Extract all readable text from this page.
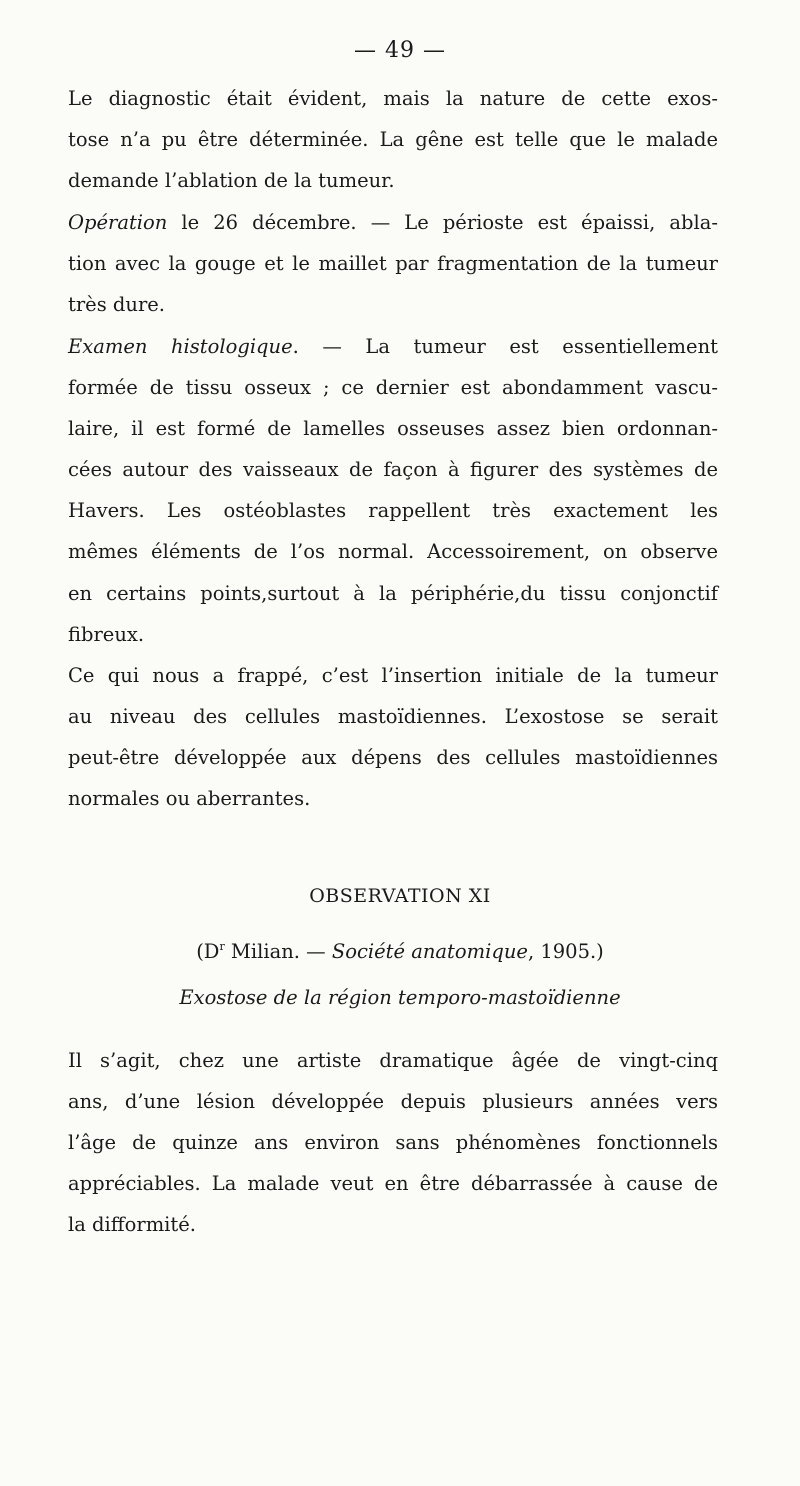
— 49 —
Le diagnostic était évident, mais la nature de cette exos-
tose n’a pu être déterminée. La gêne est telle que le malade
demande l’ablation de la tumeur.
Opération le 26 décembre. — Le périoste est épaissi, abla-
tion avec la gouge et le maillet par fragmentation de la tumeur
très dure.
Examen histologique. — La tumeur est essentiellement
formée de tissu osseux ; ce dernier est abondamment vascu-
laire, il est formé de lamelles osseuses assez bien ordonnan-
cées autour des vaisseaux de façon à figurer des systèmes de
Havers. Les ostéoblastes rappellent très exactement les
mêmes éléments de l’os normal. Accessoirement, on observe
en certains points,surtout à la périphérie,du tissu conjonctif
fibreux.
Ce qui nous a frappé, c’est l’insertion initiale de la tumeur
au niveau des cellules mastoïdiennes. L’exostose se serait
peut-être développée aux dépens des cellules mastoïdiennes
normales ou aberrantes.
OBSERVATION XI
($D^r$ Milian. — Société anatomique, 1905.)
Exostose de la région temporo-mastoïdienne
Il s’agit, chez une artiste dramatique âgée de vingt-cinq
ans, d’une lésion développée depuis plusieurs années vers
l’âge de quinze ans environ sans phénomènes fonctionnels
appréciables. La malade veut en être débarrassée à cause de
la difformité.
